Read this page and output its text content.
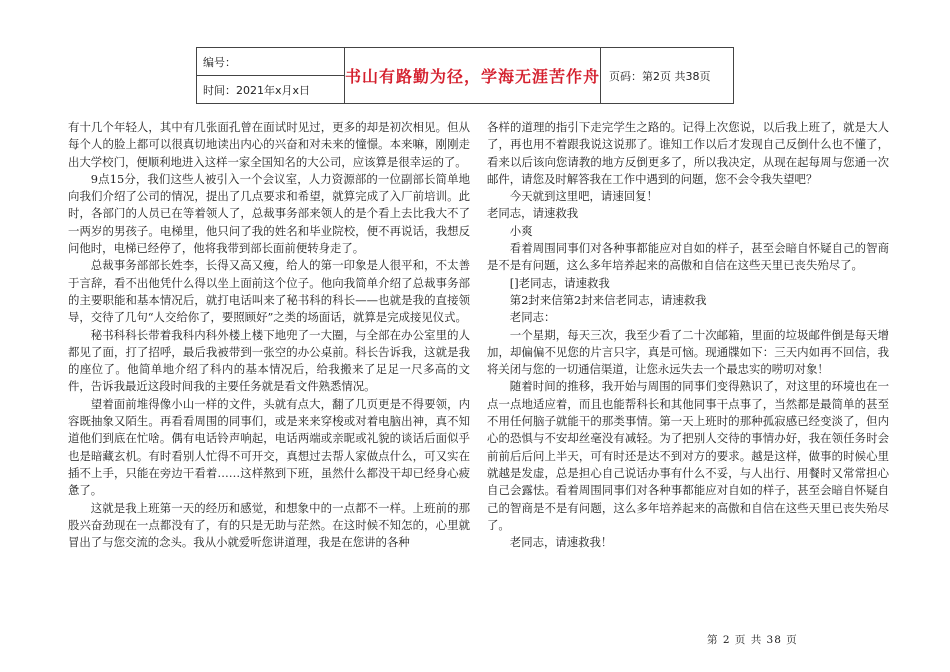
编号：
时间：2021年x月x日
书山有路勤为径，学海无涯苦作舟 页码：第2页 共38页

有十几个年轻人，其中有几张面孔曾在面试时见过，更多的却是初次相见。但从每个人的脸上都可以很真切地读出内心的兴奋和对未来的憧憬。本来嘛，刚刚走出大学校门，便顺利地进入这样一家全国知名的大公司，应该算是很幸运的了。

9点15分，我们这些人被引入一个会议室，人力资源部的一位副部长简单地向我们介绍了公司的情况，提出了几点要求和希望，就算完成了入厂前培训。此时，各部门的人员已在等着领人了，总裁事务部来领人的是个看上去比我大不了一两岁的男孩子。电梯里，他只问了我的姓名和毕业院校，便不再说话，我想反问他时，电梯已经停了，他将我带到部长面前便转身走了。

总裁事务部部长姓李，长得又高又瘦，给人的第一印象是人很平和，不太善于言辞，看不出他凭什么得以坐上面前这个位子。他向我简单介绍了总裁事务部的主要职能和基本情况后，就打电话叫来了秘书科的科长——也就是我的直接领导，交待了几句“人交给你了，要照顾好”之类的场面话，就算是完成接见仪式。

秘书科科长带着我科内科外楼上楼下地兜了一大圈，与全部在办公室里的人都见了面，打了招呼，最后我被带到一张空的办公桌前。科长告诉我，这就是我的座位了。他简单地介绍了科内的基本情况后，给我搬来了足足一尺多高的文件，告诉我最近这段时间我的主要任务就是看文件熟悉情况。

望着面前堆得像小山一样的文件，头就有点大，翻了几页更是不得要领，内容既抽象又陌生。再看看周围的同事们，或是来来穿梭或对着电脑出神，真不知道他们到底在忙啥。偶有电话铃声响起，电话两端或亲昵或礼貌的谈话后面似乎也是暗藏玄机。有时看别人忙得不可开交，真想过去帮人家做点什么，可又实在插不上手，只能在旁边干看着……这样熬到下班，虽然什么都没干却已经身心疲惫了。

这就是我上班第一天的经历和感觉，和想象中的一点都不一样。上班前的那股兴奋劲现在一点都没有了，有的只是无助与茫然。在这时候不知怎的，心里就冒出了与您交流的念头。我从小就爱听您讲道理，我是在您讲的各种

各样的道理的指引下走完学生之路的。记得上次您说，以后我上班了，就是大人了，再也用不着跟我说这说那了。谁知工作以后才发现自己反倒什么也不懂了，看来以后该向您请教的地方反倒更多了，所以我决定，从现在起每周与您通一次邮件，请您及时解答我在工作中遇到的问题，您不会令我失望吧？

今天就到这里吧，请速回复！

老同志，请速救我

小爽

看着周围同事们对各种事都能应对自如的样子，甚至会暗自怀疑自己的智商是不是有问题，这么多年培养起来的高傲和自信在这些天里已丧失殆尽了。

[]老同志，请速救我

第2封来信第2封来信老同志，请速救我

老同志：

一个星期，每天三次，我至少看了二十次邮箱，里面的垃圾邮件倒是每天增加，却偏偏不见您的片言只字，真是可恼。现通牒如下：三天内如再不回信，我将关闭与您的一切通信渠道，让您永远失去一个最忠实的唠叨对象！

随着时间的推移，我开始与周围的同事们变得熟识了，对这里的环境也在一点一点地适应着，而且也能帮科长和其他同事干点事了，当然都是最简单的甚至不用任何脑子就能干的那类事情。第一天上班时的那种孤寂感已经变淡了，但内心的恐惧与不安却丝毫没有减轻。为了把别人交待的事情办好，我在领任务时会前前后后问上半天，可有时还是达不到对方的要求。越是这样，做事的时候心里就越是发虚，总是担心自己说话办事有什么不妥，与人出行、用餐时又常常担心自己会露怯。看着周围同事们对各种事都能应对自如的样子，甚至会暗自怀疑自己的智商是不是有问题，这么多年培养起来的高傲和自信在这些天里已丧失殆尽了。

老同志，请速救我！

第 2 页 共 38 页
